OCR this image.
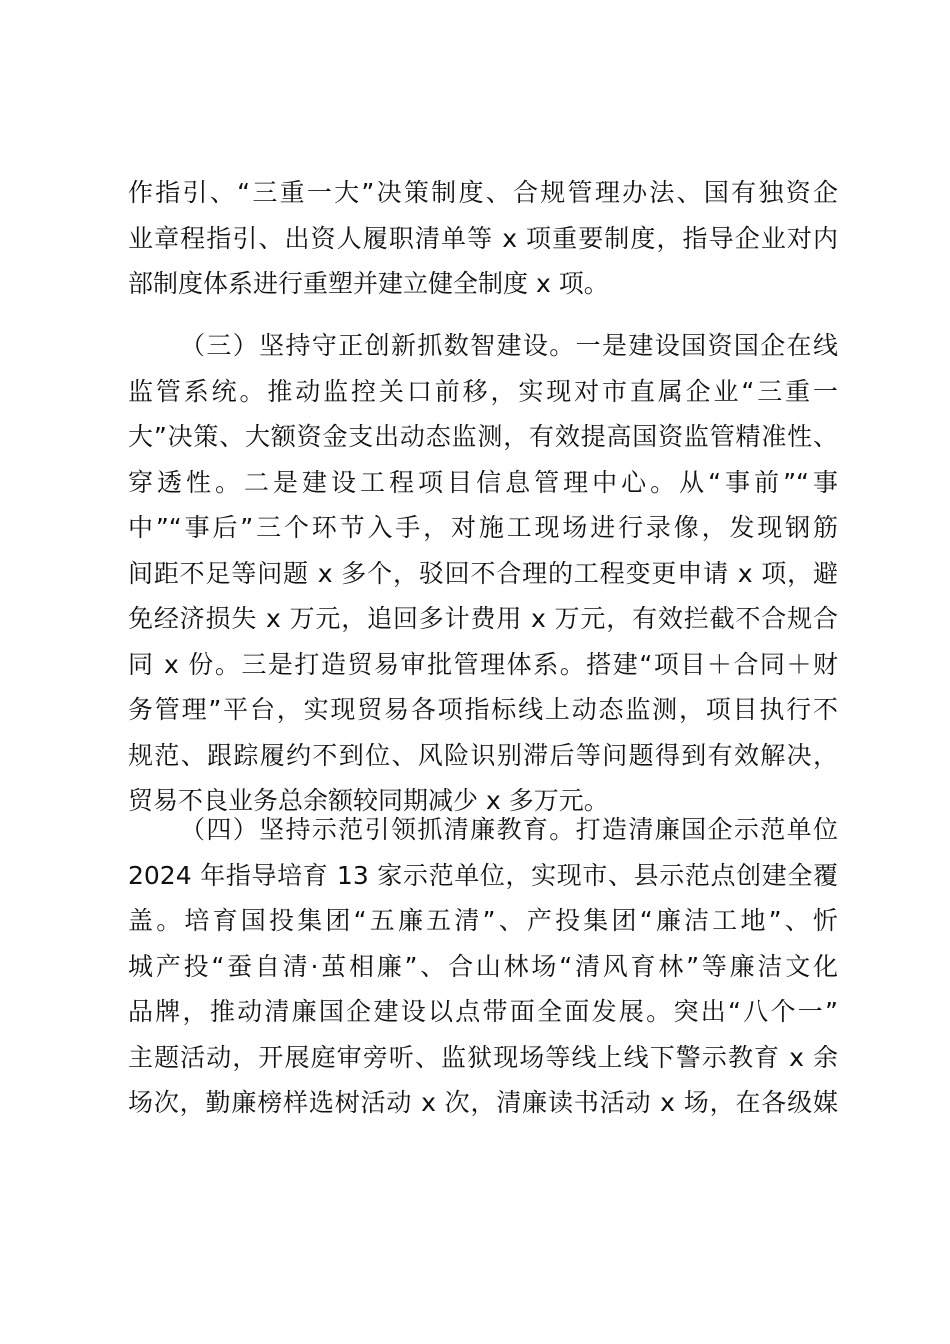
作指引、“三重一大”决策制度、合规管理办法、国有独资企
业章程指引、出资人履职清单等 x 项重要制度，指导企业对内
部制度体系进行重塑并建立健全制度 x 项。
（三）坚持守正创新抓数智建设。一是建设国资国企在线
监管系统。推动监控关口前移，实现对市直属企业“三重一
大”决策、大额资金支出动态监测，有效提高国资监管精准性、
穿透性。二是建设工程项目信息管理中心。从“事前”“事
中”“事后”三个环节入手，对施工现场进行录像，发现钢筋
间距不足等问题 x 多个，驳回不合理的工程变更申请 x 项，避
免经济损失 x 万元，追回多计费用 x 万元，有效拦截不合规合
同 x 份。三是打造贸易审批管理体系。搭建“项目＋合同＋财
务管理”平台，实现贸易各项指标线上动态监测，项目执行不
规范、跟踪履约不到位、风险识别滞后等问题得到有效解决，
贸易不良业务总余额较同期减少 x 多万元。
（四）坚持示范引领抓清廉教育。打造清廉国企示范单位
2024 年指导培育 13 家示范单位，实现市、县示范点创建全覆
盖。培育国投集团“五廉五清”、产投集团“廉洁工地”、忻
城产投“蚕自清·茧相廉”、合山林场“清风育林”等廉洁文化
品牌，推动清廉国企建设以点带面全面发展。突出“八个一”
主题活动，开展庭审旁听、监狱现场等线上线下警示教育 x 余
场次，勤廉榜样选树活动 x 次，清廉读书活动 x 场，在各级媒
